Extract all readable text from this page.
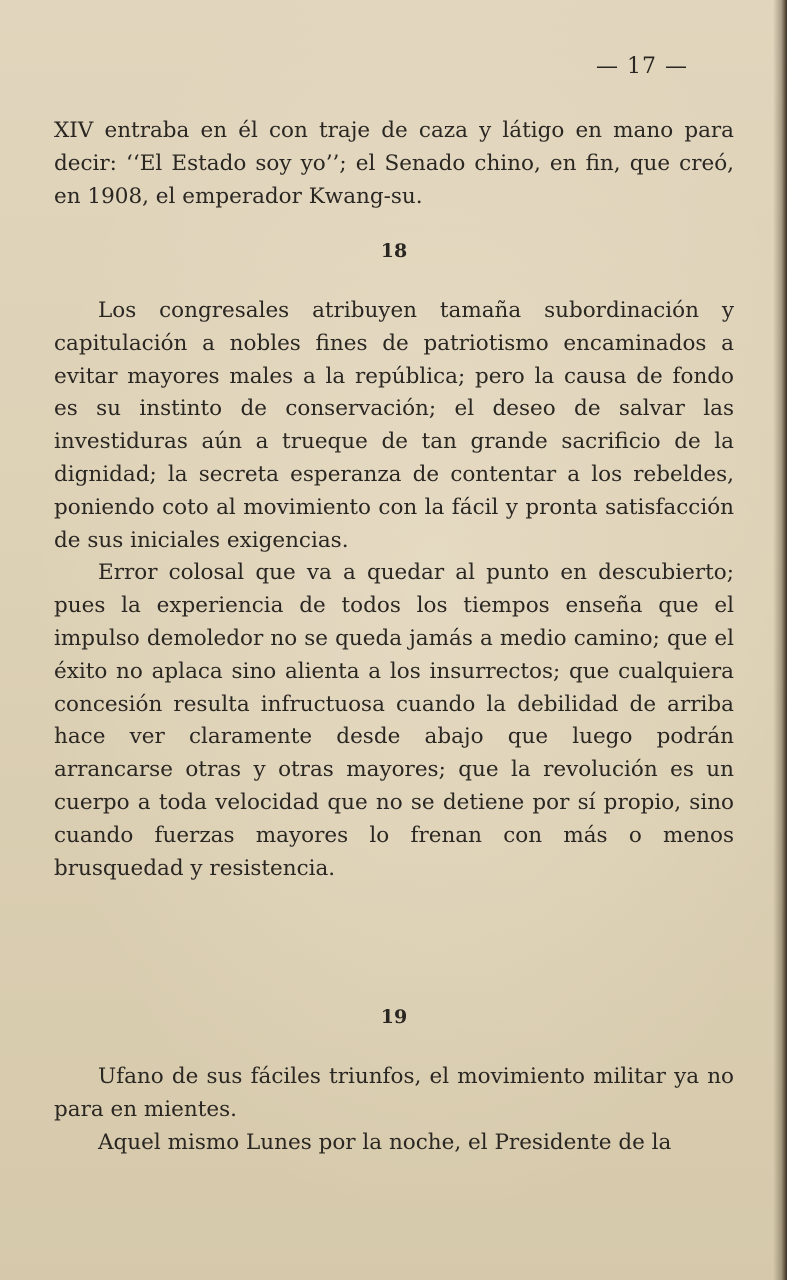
— 17 —

XIV entraba en él con traje de caza y látigo en mano para decir: ‘‘El Estado soy yo’’; el Senado chino, en fin, que creó, en 1908, el emperador Kwang-su.

18

Los congresales atribuyen tamaña subordinación y capitulación a nobles fines de patriotismo encaminados a evitar mayores males a la república; pero la causa de fondo es su instinto de conservación; el deseo de salvar las investiduras aún a trueque de tan grande sacrificio de la dignidad; la secreta esperanza de contentar a los rebeldes, poniendo coto al movimiento con la fácil y pronta satisfacción de sus iniciales exigencias.

Error colosal que va a quedar al punto en descubierto; pues la experiencia de todos los tiempos enseña que el impulso demoledor no se queda jamás a medio camino; que el éxito no aplaca sino alienta a los insurrectos; que cualquiera concesión resulta infructuosa cuando la debilidad de arriba hace ver claramente desde abajo que luego podrán arrancarse otras y otras mayores; que la revolución es un cuerpo a toda velocidad que no se detiene por sí propio, sino cuando fuerzas mayores lo frenan con más o menos brusquedad y resistencia.

19

Ufano de sus fáciles triunfos, el movimiento militar ya no para en mientes.

Aquel mismo Lunes por la noche, el Presidente de la
